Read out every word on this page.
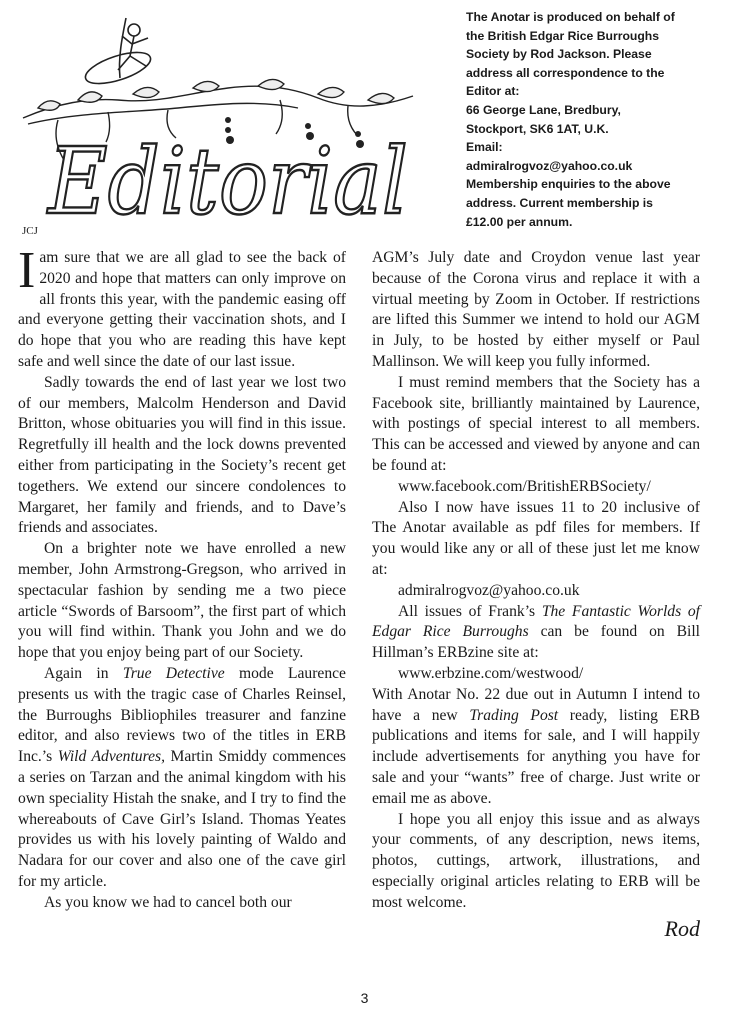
Editorial
JCJ
The Anotar is produced on behalf of
the British Edgar Rice Burroughs
Society by Rod Jackson. Please
address all correspondence to the
Editor at:
66 George Lane, Bredbury,
Stockport, SK6 1AT, U.K.
Email:
admiralrogvoz@yahoo.co.uk
Membership enquiries to the above
address. Current membership is
£12.00 per annum.

Iam sure that we are all glad to see the back of 2020 and hope that matters can only improve on all fronts this year, with the pandemic easing off and everyone getting their vaccination shots, and I do hope that you who are reading this have kept safe and well since the date of our last issue.

Sadly towards the end of last year we lost two of our members, Malcolm Henderson and David Britton, whose obituaries you will find in this issue. Regretfully ill health and the lock downs prevented either from participating in the Society’s recent get togethers. We extend our sincere condolences to Margaret, her family and friends, and to Dave’s friends and associates.

On a brighter note we have enrolled a new member, John Armstrong-Gregson, who arrived in spectacular fashion by sending me a two piece article “Swords of Barsoom”, the first part of which you will find within. Thank you John and we do hope that you enjoy being part of our Society.

Again in True Detective mode Laurence presents us with the tragic case of Charles Reinsel, the Burroughs Bibliophiles treasurer and fanzine editor, and also reviews two of the titles in ERB Inc.’s Wild Adventures, Martin Smiddy commences a series on Tarzan and the animal kingdom with his own speciality Histah the snake, and I try to find the whereabouts of Cave Girl’s Island. Thomas Yeates provides us with his lovely painting of Waldo and Nadara for our cover and also one of the cave girl for my article.

As you know we had to cancel both our

AGM’s July date and Croydon venue last year because of the Corona virus and replace it with a virtual meeting by Zoom in October. If restrictions are lifted this Summer we intend to hold our AGM in July, to be hosted by either myself or Paul Mallinson. We will keep you fully informed.

I must remind members that the Society has a Facebook site, brilliantly maintained by Laurence, with postings of special interest to all members. This can be accessed and viewed by anyone and can be found at:

www.facebook.com/BritishERBSociety/

Also I now have issues 11 to 20 inclusive of The Anotar available as pdf files for members. If you would like any or all of these just let me know at:

admiralrogvoz@yahoo.co.uk

All issues of Frank’s The Fantastic Worlds of Edgar Rice Burroughs can be found on Bill Hillman’s ERBzine site at:

www.erbzine.com/westwood/

With Anotar No. 22 due out in Autumn I intend to have a new Trading Post ready, listing ERB publications and items for sale, and I will happily include advertisements for anything you have for sale and your “wants” free of charge. Just write or email me as above.

I hope you all enjoy this issue and as always your comments, of any description, news items, photos, cuttings, artwork, illustrations, and especially original articles relating to ERB will be most welcome.

Rod
3
